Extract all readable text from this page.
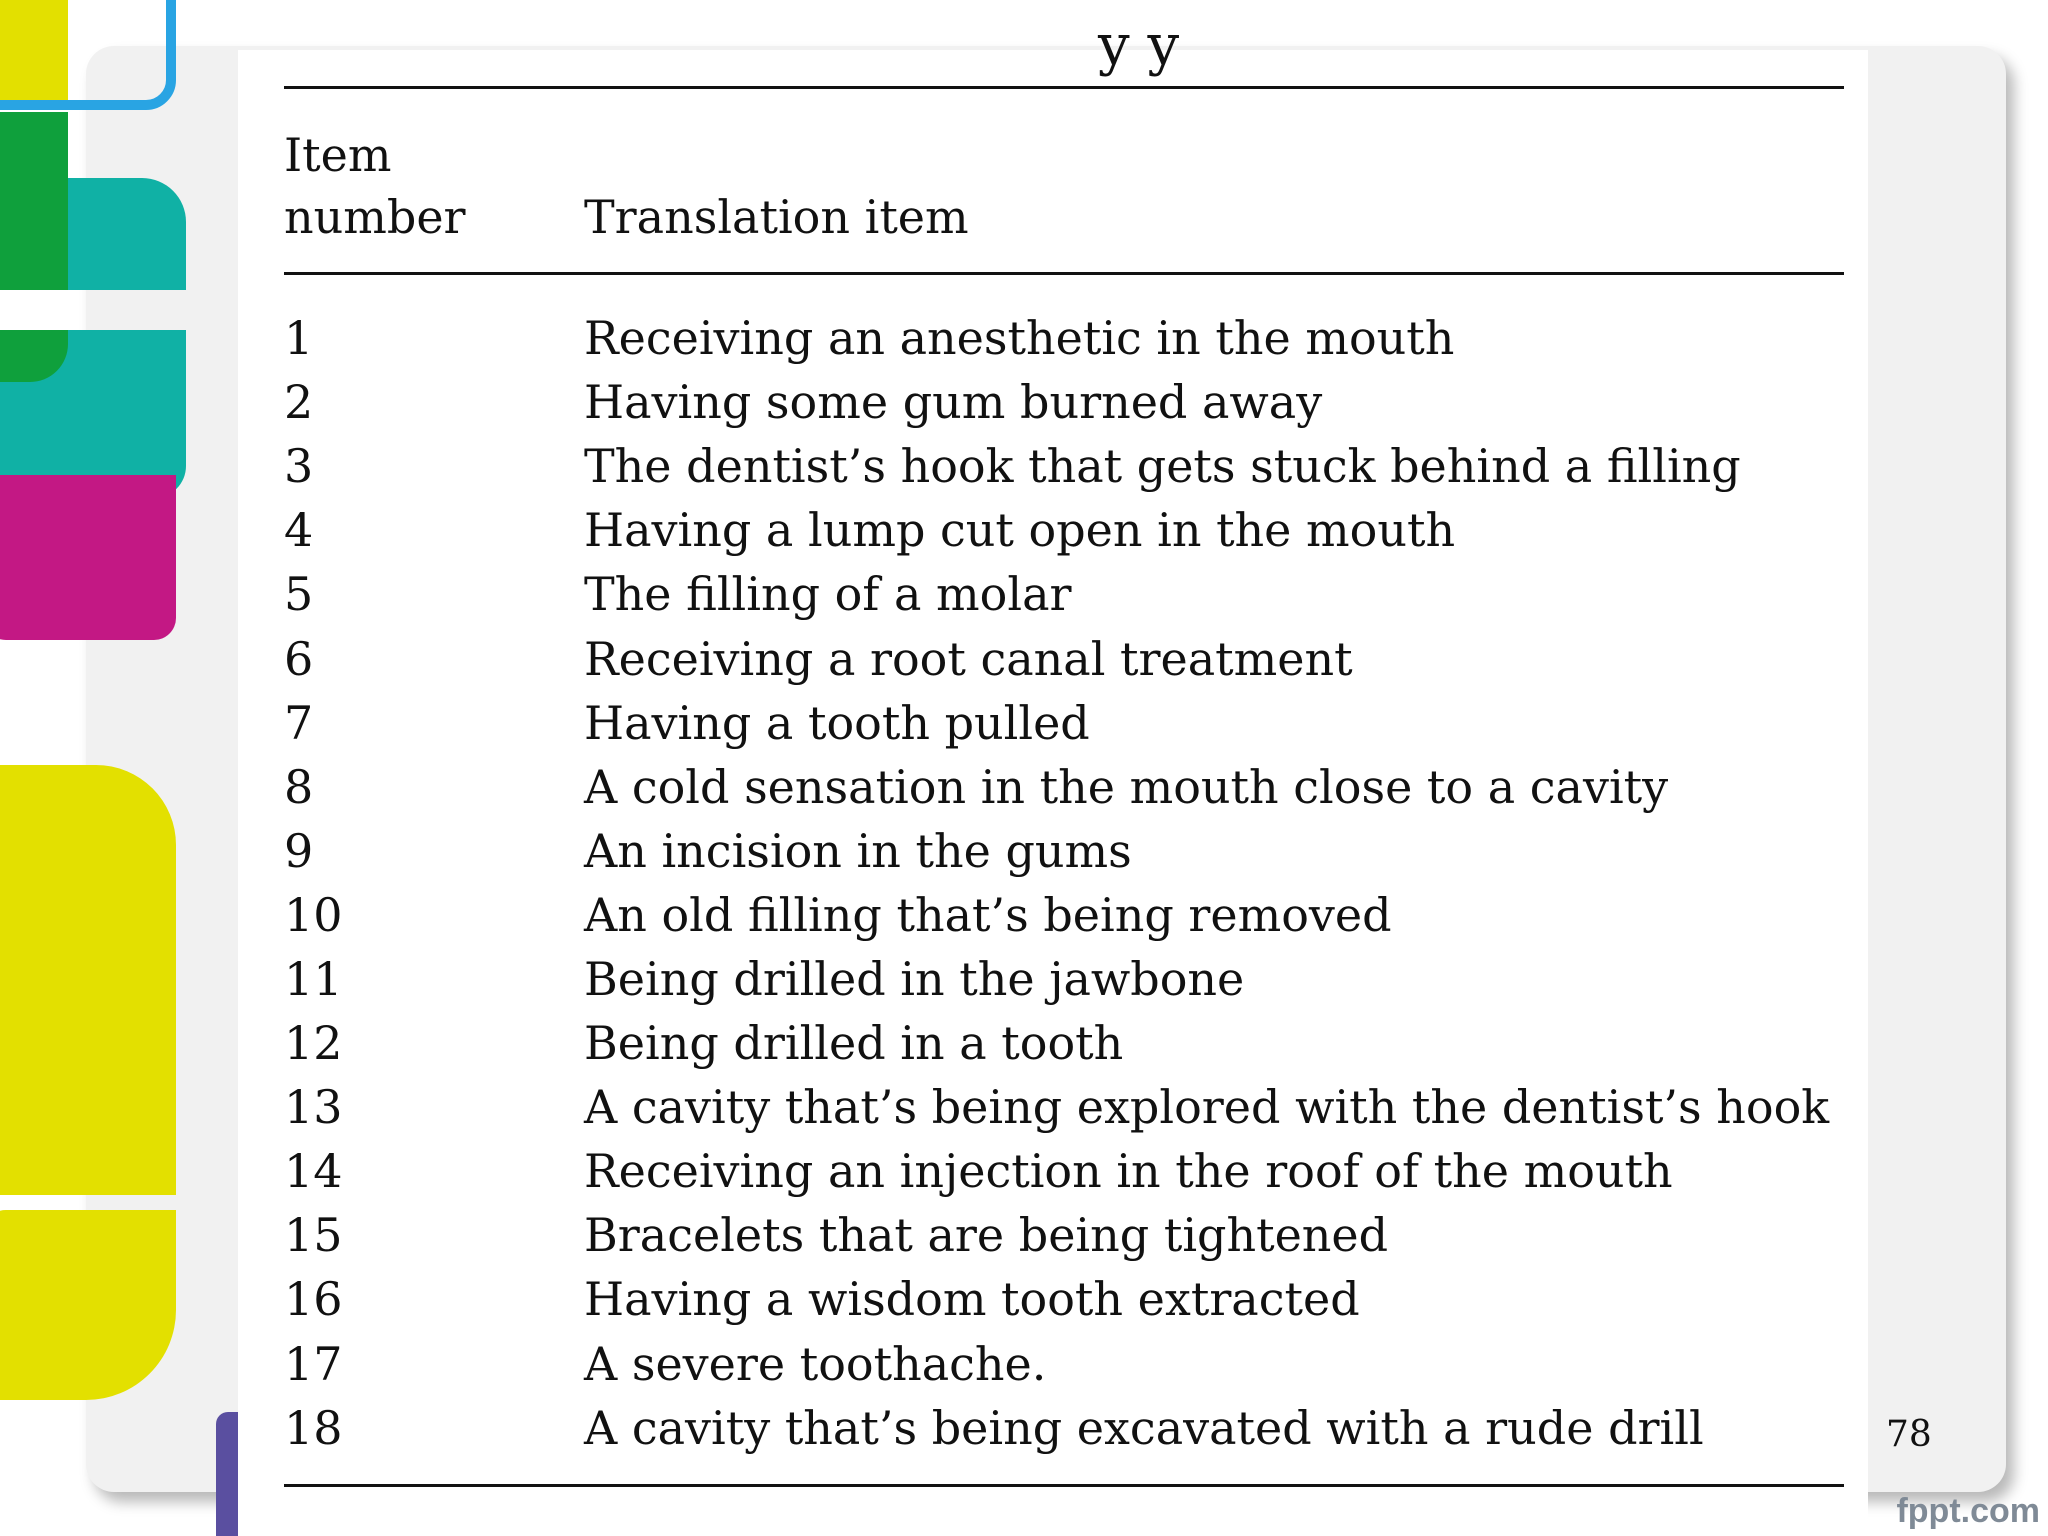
y y
Item
number	Translation item
1	Receiving an anesthetic in the mouth
2	Having some gum burned away
3	The dentist’s hook that gets stuck behind a filling
4	Having a lump cut open in the mouth
5	The filling of a molar
6	Receiving a root canal treatment
7	Having a tooth pulled
8	A cold sensation in the mouth close to a cavity
9	An incision in the gums
10	An old filling that’s being removed
11	Being drilled in the jawbone
12	Being drilled in a tooth
13	A cavity that’s being explored with the dentist’s hook
14	Receiving an injection in the roof of the mouth
15	Bracelets that are being tightened
16	Having a wisdom tooth extracted
17	A severe toothache.
18	A cavity that’s being excavated with a rude drill	78
fppt.com
